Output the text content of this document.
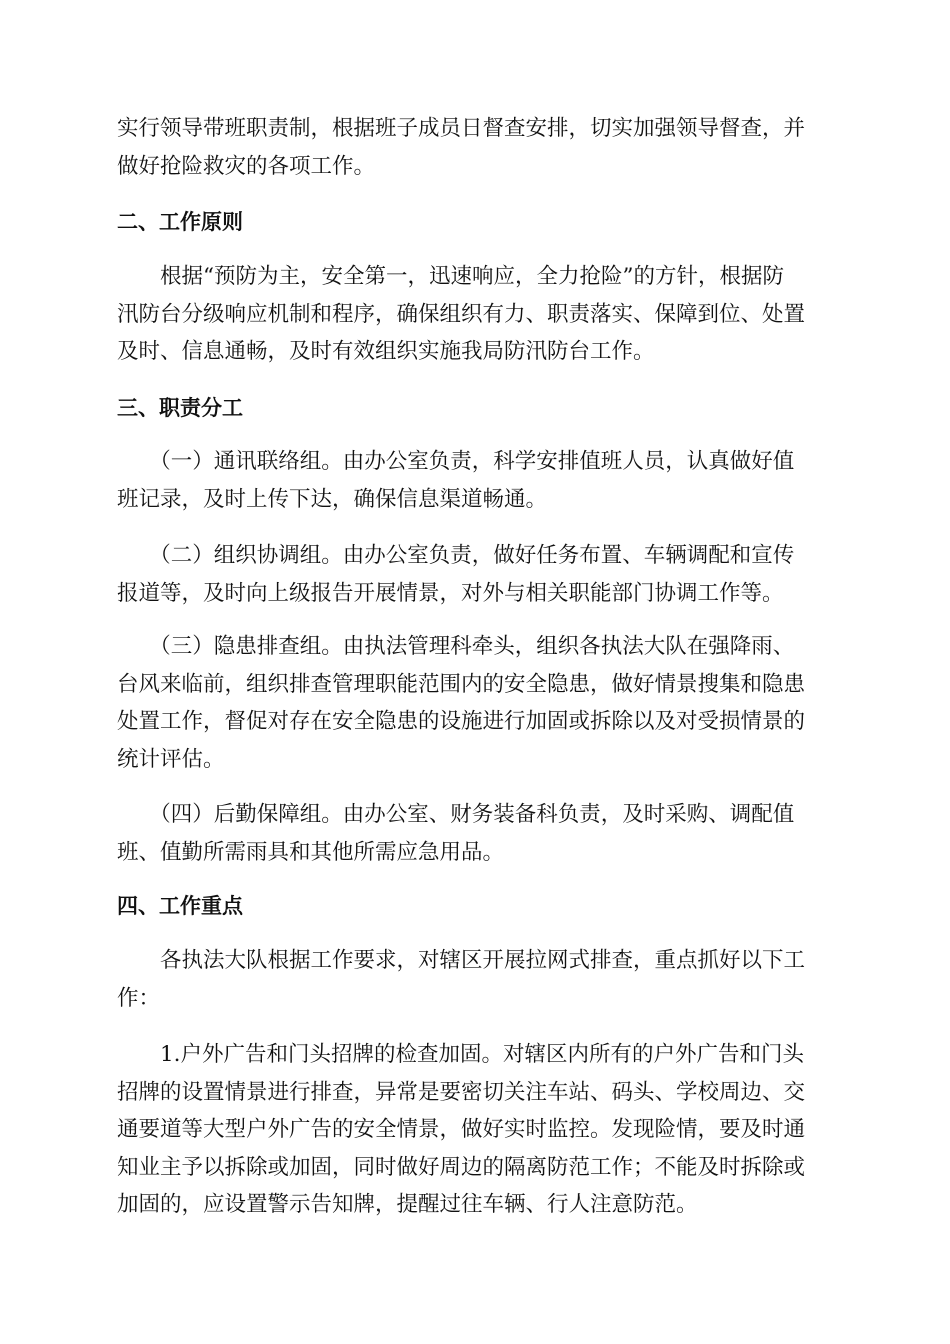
实行领导带班职责制，根据班子成员日督查安排，切实加强领导督查，并
做好抢险救灾的各项工作。

二、工作原则

　　根据“预防为主，安全第一，迅速响应，全力抢险”的方针，根据防
汛防台分级响应机制和程序，确保组织有力、职责落实、保障到位、处置
及时、信息通畅，及时有效组织实施我局防汛防台工作。

三、职责分工

　　（一）通讯联络组。由办公室负责，科学安排值班人员，认真做好值
班记录，及时上传下达，确保信息渠道畅通。

　　（二）组织协调组。由办公室负责，做好任务布置、车辆调配和宣传
报道等，及时向上级报告开展情景，对外与相关职能部门协调工作等。

　　（三）隐患排查组。由执法管理科牵头，组织各执法大队在强降雨、
台风来临前，组织排查管理职能范围内的安全隐患，做好情景搜集和隐患
处置工作，督促对存在安全隐患的设施进行加固或拆除以及对受损情景的
统计评估。

　　（四）后勤保障组。由办公室、财务装备科负责，及时采购、调配值
班、值勤所需雨具和其他所需应急用品。

四、工作重点

　　各执法大队根据工作要求，对辖区开展拉网式排查，重点抓好以下工
作：

　　1.户外广告和门头招牌的检查加固。对辖区内所有的户外广告和门头
招牌的设置情景进行排查，异常是要密切关注车站、码头、学校周边、交
通要道等大型户外广告的安全情景，做好实时监控。发现险情，要及时通
知业主予以拆除或加固，同时做好周边的隔离防范工作；不能及时拆除或
加固的，应设置警示告知牌，提醒过往车辆、行人注意防范。
